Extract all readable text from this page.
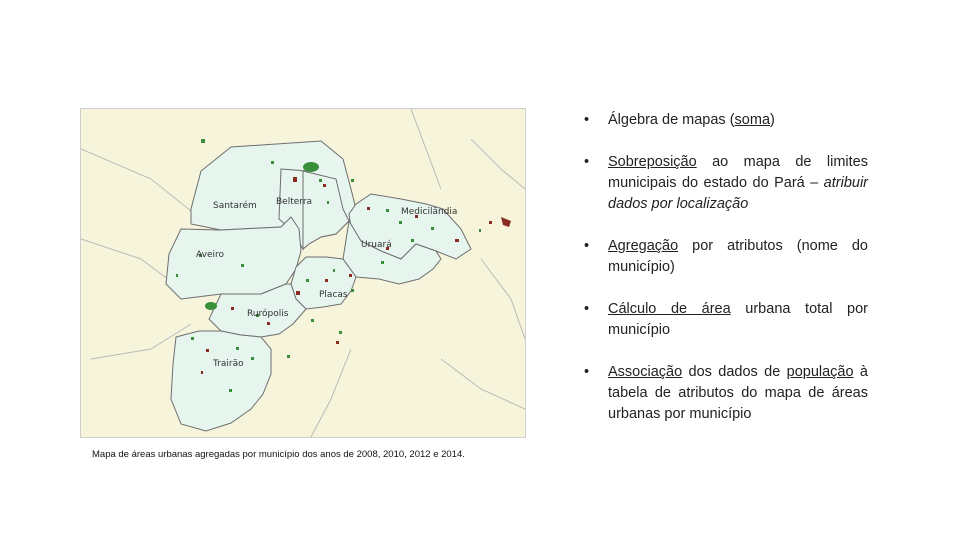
Santarém Belterra
Medicilândia
Aveiro
Uruará
Placas
Rurópolis
Trairão
Mapa de áreas urbanas agregadas por município dos anos de 2008, 2010, 2012 e 2014.
• Álgebra de mapas (soma)
• Sobreposição ao mapa de limites municipais do estado do Pará – atribuir dados por localização
• Agregação por atributos (nome do município)
• Cálculo de área urbana total por município
• Associação dos dados de população à tabela de atributos do mapa de áreas urbanas por município
